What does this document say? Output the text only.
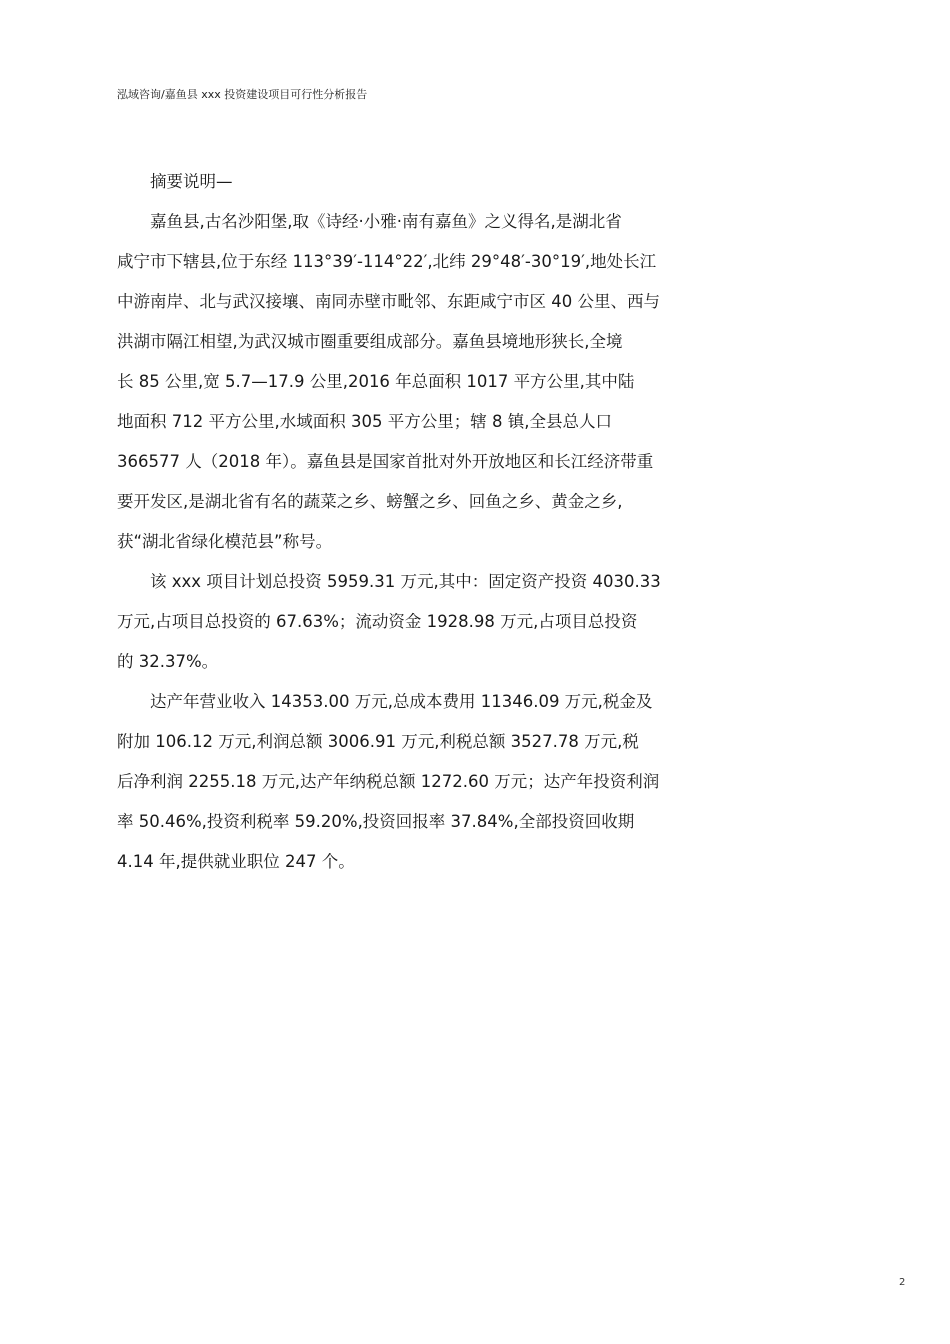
泓域咨询/嘉鱼县 xxx 投资建设项目可行性分析报告
摘要说明—
嘉鱼县,古名沙阳堡,取《诗经·小雅·南有嘉鱼》之义得名,是湖北省
咸宁市下辖县,位于东经 113°39′-114°22′,北纬 29°48′-30°19′,地处长江
中游南岸、北与武汉接壤、南同赤壁市毗邻、东距咸宁市区 40 公里、西与
洪湖市隔江相望,为武汉城市圈重要组成部分。嘉鱼县境地形狭长,全境
长 85 公里,宽 5.7—17.9 公里,2016 年总面积 1017 平方公里,其中陆
地面积 712 平方公里,水域面积 305 平方公里；辖 8 镇,全县总人口
366577 人（2018 年）。嘉鱼县是国家首批对外开放地区和长江经济带重
要开发区,是湖北省有名的蔬菜之乡、螃蟹之乡、回鱼之乡、黄金之乡,
获“湖北省绿化模范县”称号。
该 xxx 项目计划总投资 5959.31 万元,其中：固定资产投资 4030.33
万元,占项目总投资的 67.63%；流动资金 1928.98 万元,占项目总投资
的 32.37%。
达产年营业收入 14353.00 万元,总成本费用 11346.09 万元,税金及
附加 106.12 万元,利润总额 3006.91 万元,利税总额 3527.78 万元,税
后净利润 2255.18 万元,达产年纳税总额 1272.60 万元；达产年投资利润
率 50.46%,投资利税率 59.20%,投资回报率 37.84%,全部投资回收期
4.14 年,提供就业职位 247 个。
2
